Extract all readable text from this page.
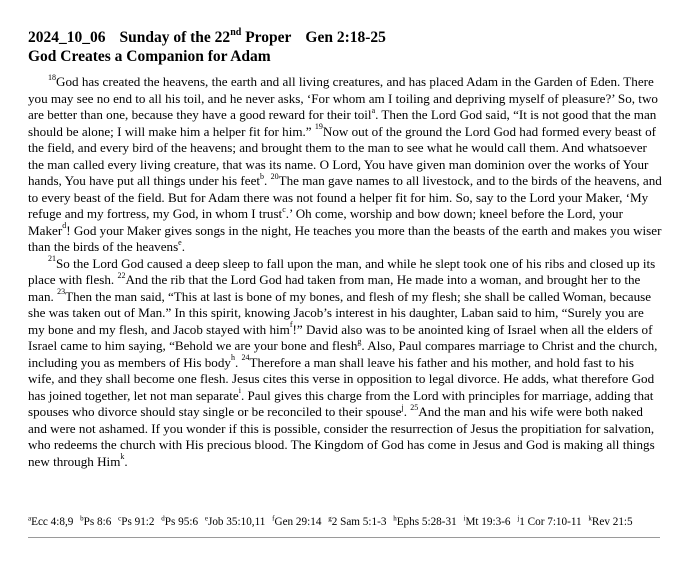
2024_10_06 Sunday of the 22nd Proper Gen 2:18-25
God Creates a Companion for Adam

$^{18}$God has created the heavens, the earth and all living creatures, and has placed Adam in the Garden of Eden. There you may see no end to all his toil, and he never asks, ‘For whom am I toiling and depriving myself of pleasure?’ So, two are better than one, because they have a good reward for their toil$^a$. Then the Lord God said, “It is not good that the man should be alone; I will make him a helper fit for him.” $^{19}$Now out of the ground the Lord God had formed every beast of the field, and every bird of the heavens; and brought them to the man to see what he would call them. And whatsoever the man called every living creature, that was its name. O Lord, You have given man dominion over the works of Your hands, You have put all things under his feet$^b$. $^{20}$The man gave names to all livestock, and to the birds of the heavens, and to every beast of the field. But for Adam there was not found a helper fit for him. So, say to the Lord your Maker, ‘My refuge and my fortress, my God, in whom I trust$^c$.’ Oh come, worship and bow down; kneel before the Lord, your Maker$^d$! God your Maker gives songs in the night, He teaches you more than the beasts of the earth and makes you wiser than the birds of the heavens$^e$.

$^{21}$So the Lord God caused a deep sleep to fall upon the man, and while he slept took one of his ribs and closed up its place with flesh. $^{22}$And the rib that the Lord God had taken from man, He made into a woman, and brought her to the man. $^{23}$Then the man said, “This at last is bone of my bones, and flesh of my flesh; she shall be called Woman, because she was taken out of Man.” In this spirit, knowing Jacob’s interest in his daughter, Laban said to him, “Surely you are my bone and my flesh, and Jacob stayed with him$^f$!” David also was to be anointed king of Israel when all the elders of Israel came to him saying, “Behold we are your bone and flesh$^g$. Also, Paul compares marriage to Christ and the church, including you as members of His body$^h$. $^{24}$Therefore a man shall leave his father and his mother, and hold fast to his wife, and they shall become one flesh. Jesus cites this verse in opposition to legal divorce. He adds, what therefore God has joined together, let not man separate$^i$. Paul gives this charge from the Lord with principles for marriage, adding that spouses who divorce should stay single or be reconciled to their spouse$^j$. $^{25}$And the man and his wife were both naked and were not ashamed. If you wonder if this is possible, consider the resurrection of Jesus the propitiation for salvation, who redeems the church with His precious blood. The Kingdom of God has come in Jesus and God is making all things new through Him$^k$.

$^a$Ecc 4:8,9 $^b$Ps 8:6 $^c$Ps 91:2 $^d$Ps 95:6 $^e$Job 35:10,11 $^f$Gen 29:14 $^g$2 Sam 5:1-3 $^h$Ephs 5:28-31 $^i$Mt 19:3-6 $^j$1 Cor 7:10-11 $^k$Rev 21:5
